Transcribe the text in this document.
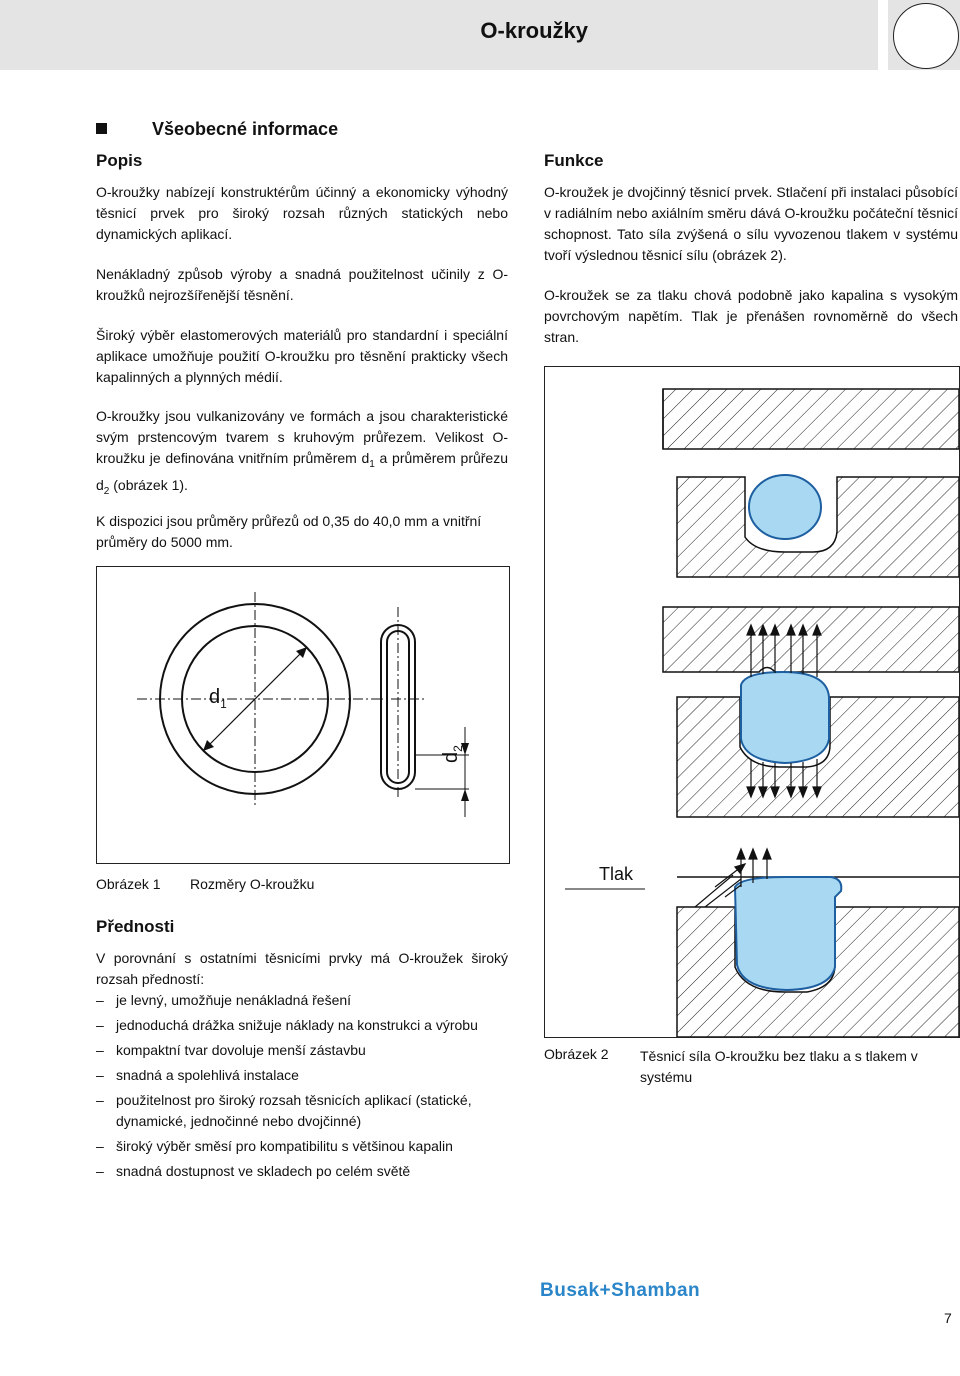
O-kroužky
Všeobecné informace
Popis
O-kroužky nabízejí konstruktérům účinný a ekonomicky výhodný těsnicí prvek pro široký rozsah různých statických nebo dynamických aplikací.
Nenákladný způsob výroby a snadná použitelnost učinily z O-kroužků nejrozšířenější těsnění.
Široký výběr elastomerových materiálů pro standardní i speciální aplikace umožňuje použití O-kroužku pro těsnění prakticky všech kapalinných a plynných médií.
O-kroužky jsou vulkanizovány ve formách a jsou charakteristické svým prstencovým tvarem s kruhovým průřezem. Velikost O-kroužku je definována vnitřním průměrem $d_1$ a průměrem průřezu $d_2$ (obrázek 1).
K dispozici jsou průměry průřezů od 0,35 do 40,0 mm a vnitřní průměry do 5000 mm.
$d_1$
$d_2$
Obrázek 1 Rozměry O-kroužku
Přednosti
V porovnání s ostatními těsnicími prvky má O-kroužek široký rozsah předností:
– je levný, umožňuje nenákladná řešení
– jednoduchá drážka snižuje náklady na konstrukci a výrobu
– kompaktní tvar dovoluje menší zástavbu
– snadná a spolehlivá instalace
– použitelnost pro široký rozsah těsnicích aplikací (statické, dynamické, jednočinné nebo dvojčinné)
– široký výběr směsí pro kompatibilitu s většinou kapalin
– snadná dostupnost ve skladech po celém světě
Funkce
O-kroužek je dvojčinný těsnicí prvek. Stlačení při instalaci působící v radiálním nebo axiálním směru dává O-kroužku počáteční těsnicí schopnost. Tato síla zvýšená o sílu vyvozenou tlakem v systému tvoří výslednou těsnicí sílu (obrázek 2).
O-kroužek se za tlaku chová podobně jako kapalina s vysokým povrchovým napětím. Tlak je přenášen rovnoměrně do všech stran.
Tlak
Obrázek 2 Těsnicí síla O-kroužku bez tlaku a s tlakem v systému
Busak+Shamban
7
